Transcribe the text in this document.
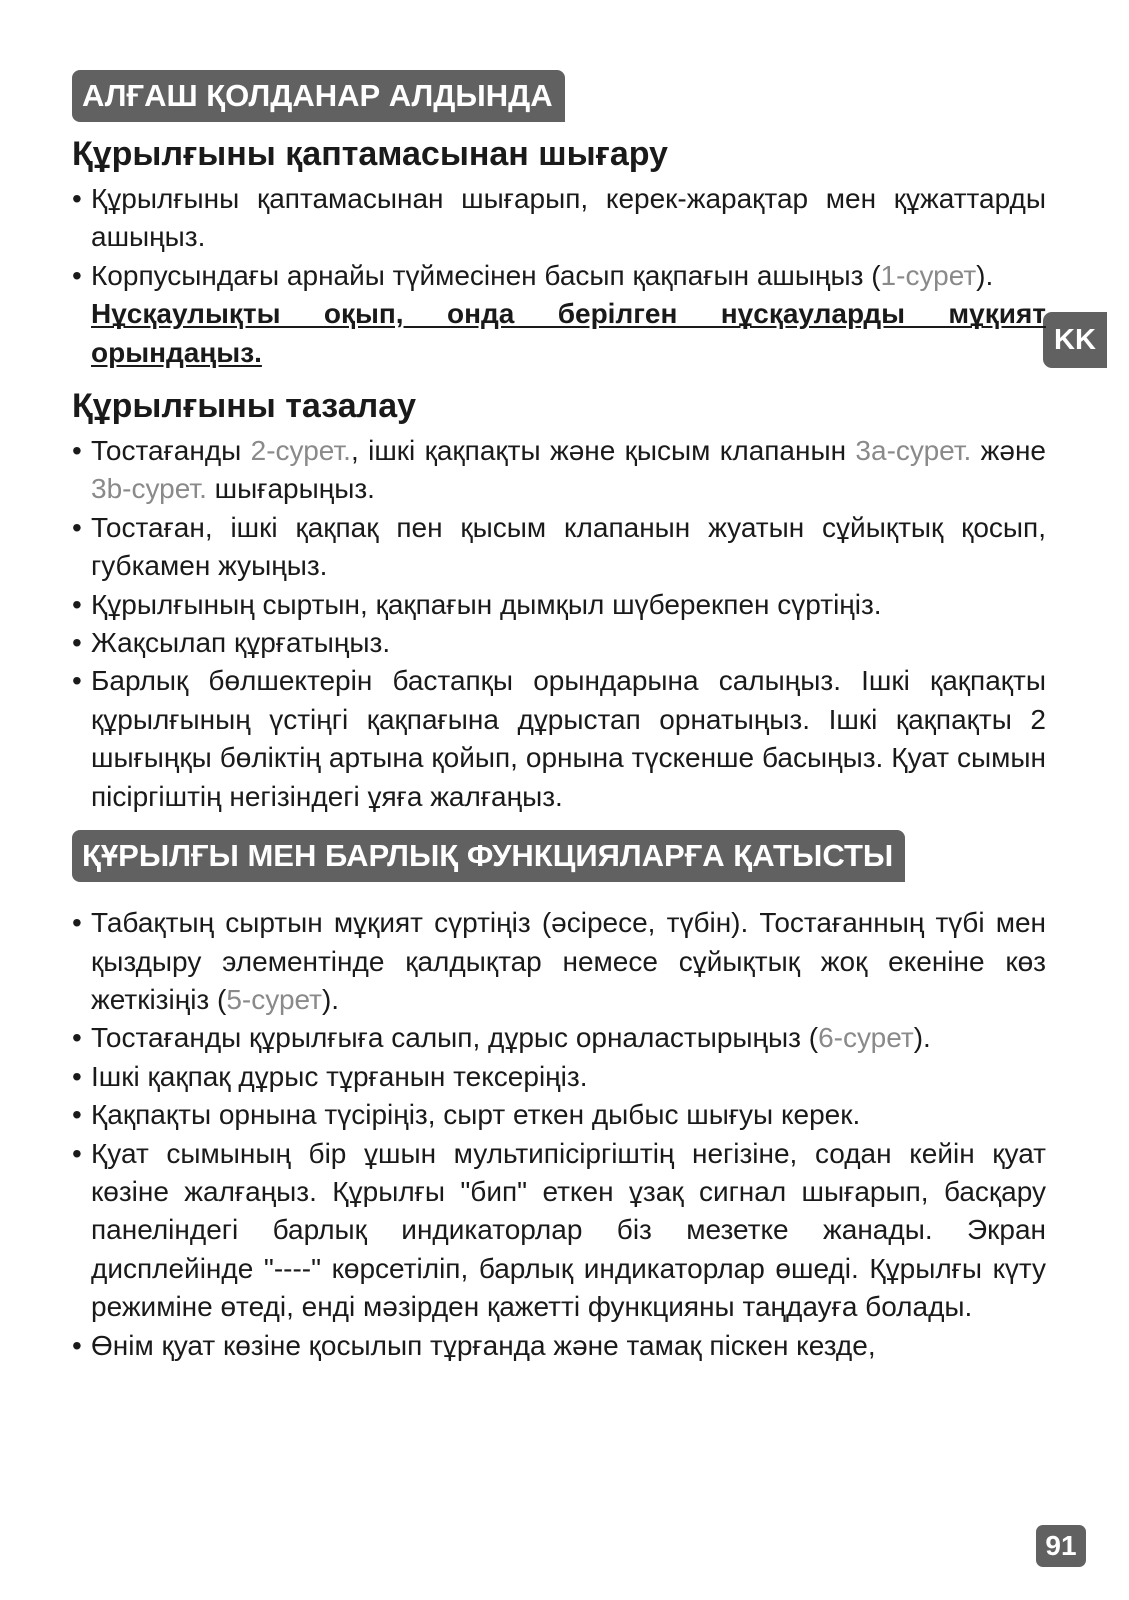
KK
АЛҒАШ ҚОЛДАНАР АЛДЫНДА
Құрылғыны қаптамасынан шығару
• Құрылғыны қаптамасынан шығарып, керек-жарақтар мен құжаттарды ашыңыз.
• Корпусындағы арнайы түймесінен басып қақпағын ашыңыз (1-сурет).
Нұсқаулықты оқып, онда берілген нұсқауларды мұқият орындаңыз.
Құрылғыны тазалау
• Тостағанды 2-сурет., ішкі қақпақты және қысым клапанын 3a-сурет. және 3b-сурет. шығарыңыз.
• Тостаған, ішкі қақпақ пен қысым клапанын жуатын сұйықтық қосып, губкамен жуыңыз.
• Құрылғының сыртын, қақпағын дымқыл шүберекпен сүртіңіз.
• Жақсылап құрғатыңыз.
• Барлық бөлшектерін бастапқы орындарына салыңыз. Ішкі қақпақты құрылғының үстіңгі қақпағына дұрыстап орнатыңыз. Ішкі қақпақты 2 шығыңқы бөліктің артына қойып, орнына түскенше басыңыз. Қуат сымын пісіргіштің негізіндегі ұяға жалғаңыз.
ҚҰРЫЛҒЫ МЕН БАРЛЫҚ ФУНКЦИЯЛАРҒА ҚАТЫСТЫ
• Табақтың сыртын мұқият сүртіңіз (әсіресе, түбін). Тостағанның түбі мен қыздыру элементінде қалдықтар немесе сұйықтық жоқ екеніне көз жеткізіңіз (5-сурет).
• Тостағанды құрылғыға салып, дұрыс орналастырыңыз (6-сурет).
• Ішкі қақпақ дұрыс тұрғанын тексеріңіз.
• Қақпақты орнына түсіріңіз, сырт еткен дыбыс шығуы керек.
• Қуат сымының бір ұшын мультипісіргіштің негізіне, содан кейін қуат көзіне жалғаңыз. Құрылғы "бип" еткен ұзақ сигнал шығарып, басқару панеліндегі барлық индикаторлар біз мезетке жанады. Экран дисплейінде "----" көрсетіліп, барлық индикаторлар өшеді. Құрылғы күту режиміне өтеді, енді мәзірден қажетті функцияны таңдауға болады.
• Өнім қуат көзіне қосылып тұрғанда және тамақ піскен кезде,
91
